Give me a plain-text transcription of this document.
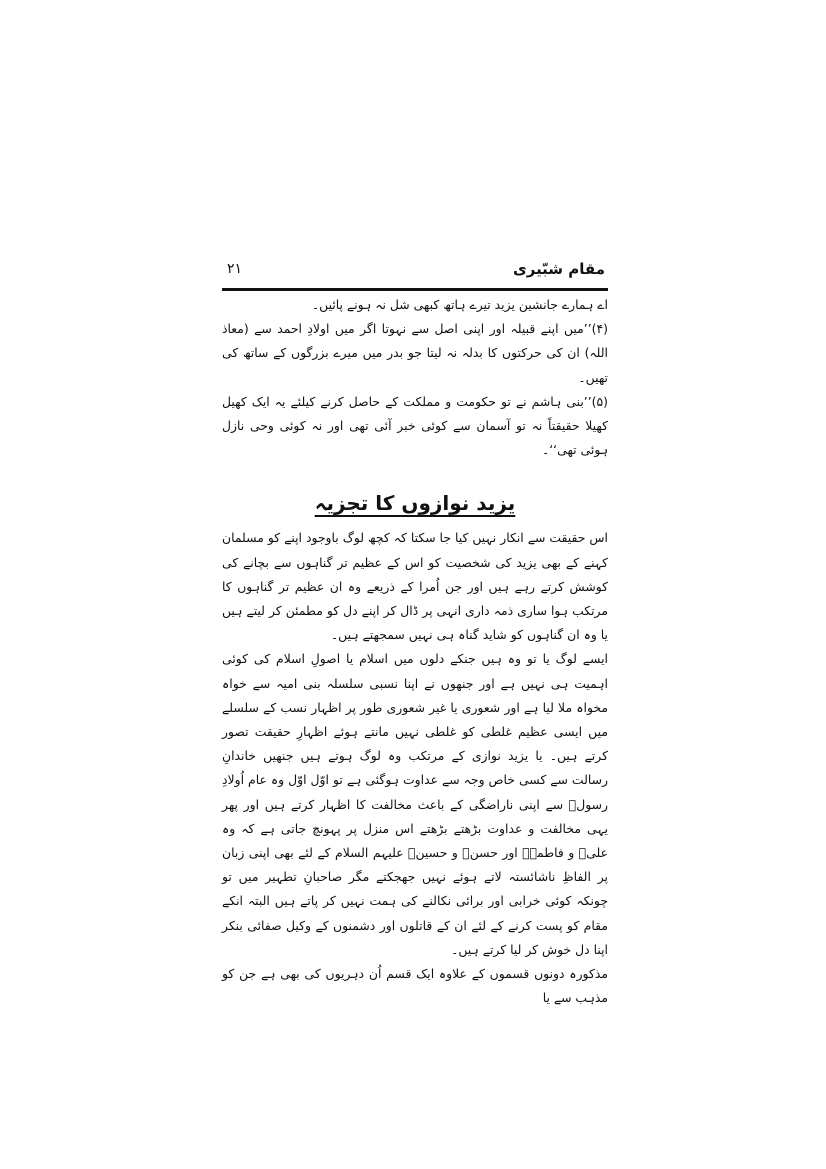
مقام شبّیری
۲۱

اے ہمارے جانشین یزید تیرے ہاتھ کبھی شل نہ ہونے پائیں۔

(۴)’’میں اپنے قبیلہ اور اپنی اصل سے نہوتا اگر میں اولادِ احمد سے (معاذ اللہ) ان کی حرکتوں کا بدلہ نہ لیتا جو بدر میں میرے بزرگوں کے ساتھ کی تھیں۔

(۵)’’بنی ہاشم نے تو حکومت و مملکت کے حاصل کرنے کیلئے یہ ایک کھیل کھیلا حقیقتاً نہ تو آسمان سے کوئی خبر آئی تھی اور نہ کوئی وحی نازل ہوئی تھی‘‘۔

یزید نوازوں کا تجزیہ

اس حقیقت سے انکار نہیں کیا جا سکتا کہ کچھ لوگ باوجود اپنے کو مسلمان کہنے کے بھی یزید کی شخصیت کو اس کے عظیم تر گناہوں سے بچانے کی کوشش کرتے رہے ہیں اور جن اُمرا کے ذریعے وہ ان عظیم تر گناہوں کا مرتکب ہوا ساری ذمہ داری انہی پر ڈال کر اپنے دل کو مطمئن کر لیتے ہیں یا وہ ان گناہوں کو شاید گناہ ہی نہیں سمجھتے ہیں۔

ایسے لوگ یا تو وہ ہیں جنکے دلوں میں اسلام یا اصولِ اسلام کی کوئی اہمیت ہی نہیں ہے اور جنھوں نے اپنا نسبی سلسلہ بنی امیہ سے خواہ مخواہ ملا لیا ہے اور شعوری یا غیر شعوری طور پر اظہار نسب کے سلسلے میں ایسی عظیم غلطی کو غلطی نہیں مانتے ہوئے اظہارِ حقیقت تصور کرتے ہیں۔ یا یزید نوازی کے مرتکب وہ لوگ ہوتے ہیں جنھیں خاندانِ رسالت سے کسی خاص وجہ سے عداوت ہوگئی ہے تو اوّل اوّل وہ عام اُولادِ رسولؐ سے اپنی ناراضگی کے باعث مخالفت کا اظہار کرتے ہیں اور پھر یہی مخالفت و عداوت بڑھتے بڑھتے اس منزل پر پہونچ جاتی ہے کہ وہ علیؑ و فاطمہؑ اور حسنؑ و حسینؑ علیہم السلام کے لئے بھی اپنی زبان پر الفاظِ ناشائستہ لاتے ہوئے نہیں جھجکتے مگر صاحبانِ تطہیر میں تو چونکہ کوئی خرابی اور برائی نکالنے کی ہمت نہیں کر پاتے ہیں البتہ انکے مقام کو پست کرنے کے لئے ان کے قاتلوں اور دشمنوں کے وکیل صفائی بنکر اپنا دل خوش کر لیا کرتے ہیں۔

مذکورہ دونوں قسموں کے علاوہ ایک قسم اُن دہریوں کی بھی ہے جن کو مذہب سے یا
